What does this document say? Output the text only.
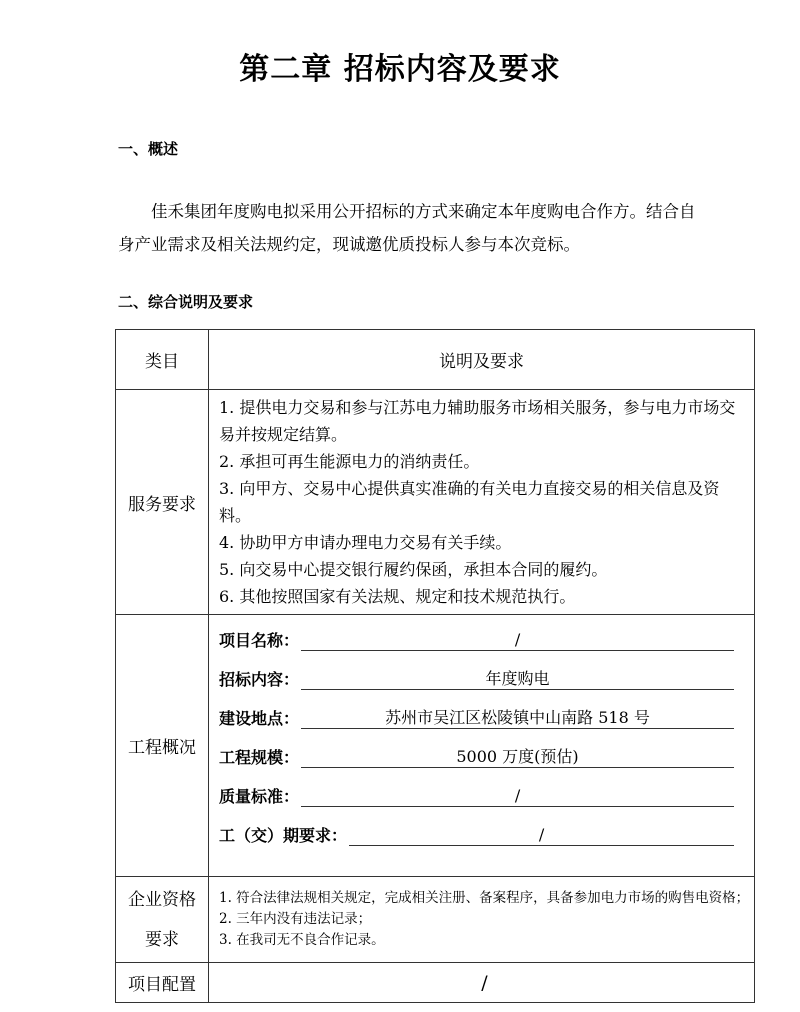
第二章 招标内容及要求
一、概述

佳禾集团年度购电拟采用公开招标的方式来确定本年度购电合作方。结合自身产业需求及相关法规约定，现诚邀优质投标人参与本次竞标。

二、综合说明及要求
类目	说明及要求
服务要求	
1. 提供电力交易和参与江苏电力辅助服务市场相关服务，参与电力市场交易并按规定结算。
2. 承担可再生能源电力的消纳责任。
3. 向甲方、交易中心提供真实准确的有关电力直接交易的相关信息及资料。
4. 协助甲方申请办理电力交易有关手续。
5. 向交易中心提交银行履约保函，承担本合同的履约。
6. 其他按照国家有关法规、规定和技术规范执行。

工程概况	
项目名称：	/
招标内容：	年度购电
建设地点：	苏州市吴江区松陵镇中山南路 518 号
工程规模：	5000 万度(预估)
质量标准：	/
工（交）期要求：	/

企业资格要求	1. 符合法律法规相关规定，完成相关注册、备案程序，具备参加电力市场的购售电资格；
2. 三年内没有违法记录；
3. 在我司无不良合作记录。

项目配置	/
